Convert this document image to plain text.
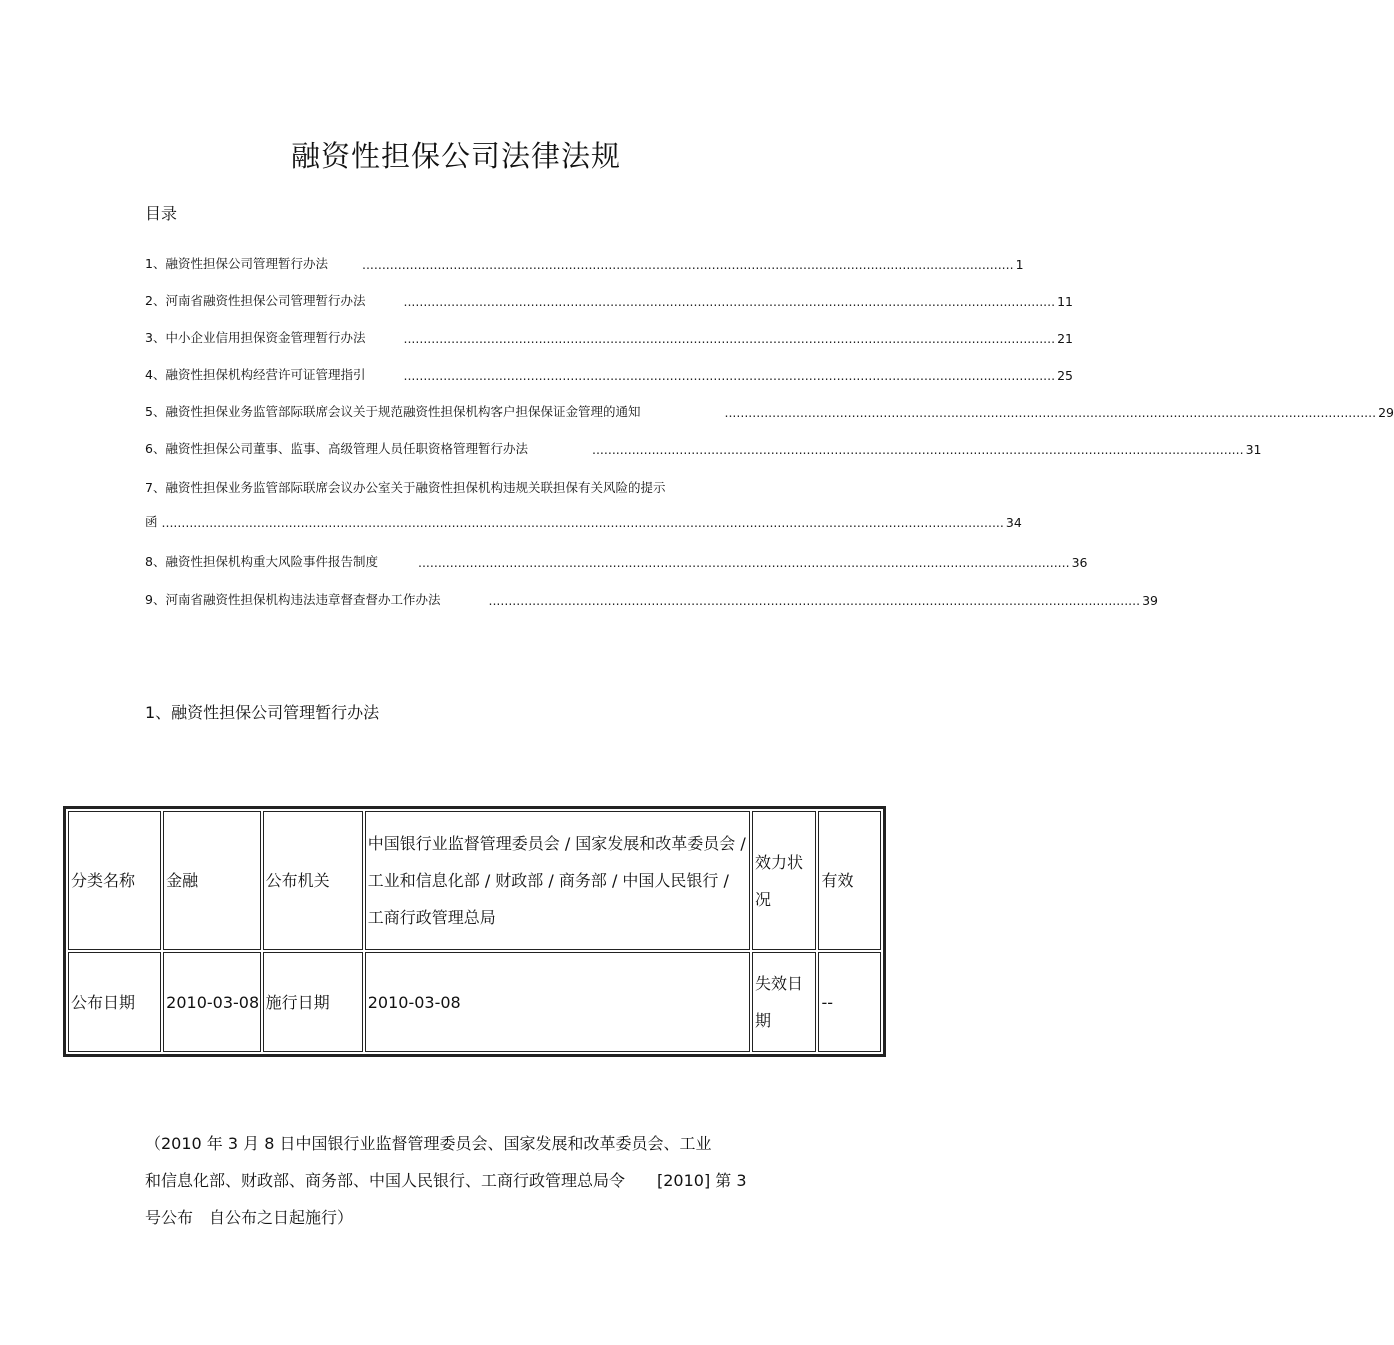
融资性担保公司法律法规
目录
1、融资性担保公司管理暂行办法	.................................................................................................................................................................... 1
2、河南省融资性担保公司管理暂行办法	.................................................................................................................................................................... 11
3、中小企业信用担保资金管理暂行办法	.................................................................................................................................................................... 21
4、融资性担保机构经营许可证管理指引	.................................................................................................................................................................... 25
5、融资性担保业务监管部际联席会议关于规范融资性担保机构客户担保保证金管理的通知	.................................................................................................................................................................... 29
6、融资性担保公司董事、监事、高级管理人员任职资格管理暂行办法	.................................................................................................................................................................... 31
7、融资性担保业务监管部际联席会议办公室关于融资性担保机构违规关联担保有关风险的提示
函 .................................................................................................................................................................................................................... 34
8、融资性担保机构重大风险事件报告制度	.................................................................................................................................................................... 36
9、河南省融资性担保机构违法违章督查督办工作办法	.................................................................................................................................................................... 39
1、融资性担保公司管理暂行办法
分类名称	金融	公布机关	中国银行业监督管理委员会 / 国家发展和改革委员会 / 工业和信息化部 / 财政部 / 商务部 / 中国人民银行 / 工商行政管理总局	效力状况	有效
公布日期	2010-03-08	施行日期	2010-03-08	失效日期	--
（2010 年 3 月 8 日中国银行业监督管理委员会、国家发展和改革委员会、工业
和信息化部、财政部、商务部、中国人民银行、工商行政管理总局令　　[2010] 第 3
号公布　自公布之日起施行）
